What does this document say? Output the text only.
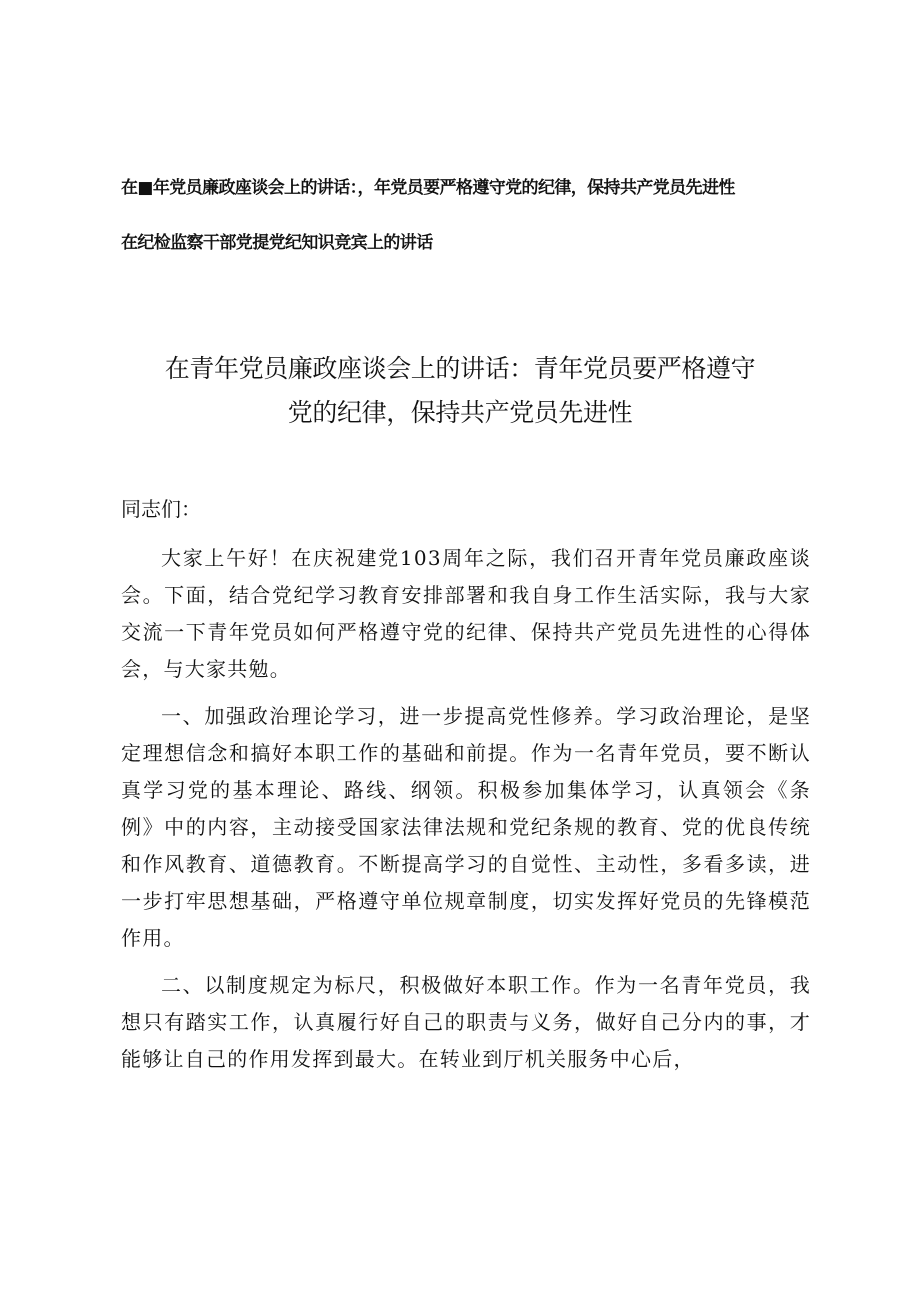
在■年党员廉政座谈会上的讲话：，年党员要严格遵守党的纪律，保持共产党员先进性
在纪检监察干部党提党纪知识竞宾上的讲话
在青年党员廉政座谈会上的讲话：青年党员要严格遵守
党的纪律，保持共产党员先进性
同志们：

大家上午好！在庆祝建党103周年之际，我们召开青年党员廉政座谈会。下面，结合党纪学习教育安排部署和我自身工作生活实际，我与大家交流一下青年党员如何严格遵守党的纪律、保持共产党员先进性的心得体会，与大家共勉。

一、加强政治理论学习，进一步提高党性修养。学习政治理论，是坚定理想信念和搞好本职工作的基础和前提。作为一名青年党员，要不断认真学习党的基本理论、路线、纲领。积极参加集体学习，认真领会《条例》中的内容，主动接受国家法律法规和党纪条规的教育、党的优良传统和作风教育、道德教育。不断提高学习的自觉性、主动性，多看多读，进一步打牢思想基础，严格遵守单位规章制度，切实发挥好党员的先锋模范作用。

二、以制度规定为标尺，积极做好本职工作。作为一名青年党员，我想只有踏实工作，认真履行好自己的职责与义务，做好自己分内的事，才能够让自己的作用发挥到最大。在转业到厅机关服务中心后，
